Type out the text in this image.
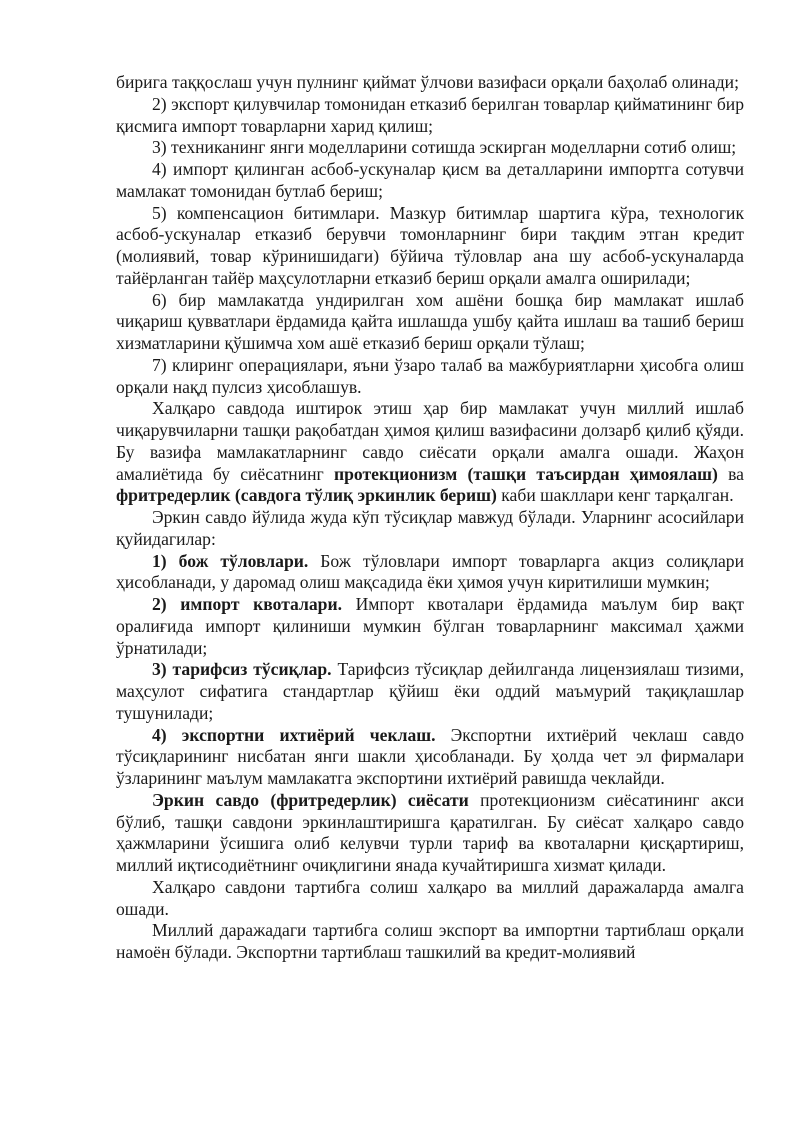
бирига таққослаш учун пулнинг қиймат ўлчови вазифаси орқали баҳолаб олинади;

2) экспорт қилувчилар томонидан етказиб берилган товарлар қийматининг бир қисмига импорт товарларни харид қилиш;

3) техниканинг янги моделларини сотишда эскирган моделларни сотиб олиш;

4) импорт қилинган асбоб-ускуналар қисм ва деталларини импортга сотувчи мамлакат томонидан бутлаб бериш;

5) компенсацион битимлари. Мазкур битимлар шартига кўра, технологик асбоб-ускуналар етказиб берувчи томонларнинг бири тақдим этган кредит (молиявий, товар кўринишидаги) бўйича тўловлар ана шу асбоб-ускуналарда тайёрланган тайёр маҳсулотларни етказиб бериш орқали амалга оширилади;

6) бир мамлакатда ундирилган хом ашёни бошқа бир мамлакат ишлаб чиқариш қувватлари ёрдамида қайта ишлашда ушбу қайта ишлаш ва ташиб бериш хизматларини қўшимча хом ашё етказиб бериш орқали тўлаш;

7) клиринг операциялари, яъни ўзаро талаб ва мажбуриятларни ҳисобга олиш орқали нақд пулсиз ҳисоблашув.

Халқаро савдода иштирок этиш ҳар бир мамлакат учун миллий ишлаб чиқарувчиларни ташқи рақобатдан ҳимоя қилиш вазифасини долзарб қилиб қўяди. Бу вазифа мамлакатларнинг савдо сиёсати орқали амалга ошади. Жаҳон амалиётида бу сиёсатнинг протекционизм (ташқи таъсирдан ҳимоялаш) ва фритредерлик (савдога тўлиқ эркинлик бериш) каби шакллари кенг тарқалган.

Эркин савдо йўлида жуда кўп тўсиқлар мавжуд бўлади. Уларнинг асосийлари қуйидагилар:

1) бож тўловлари. Бож тўловлари импорт товарларга акциз солиқлари ҳисобланади, у даромад олиш мақсадида ёки ҳимоя учун киритилиши мумкин;

2) импорт квоталари. Импорт квоталари ёрдамида маълум бир вақт оралиғида импорт қилиниши мумкин бўлган товарларнинг максимал ҳажми ўрнатилади;

3) тарифсиз тўсиқлар. Тарифсиз тўсиқлар дейилганда лицензиялаш тизими, маҳсулот сифатига стандартлар қўйиш ёки оддий маъмурий тақиқлашлар тушунилади;

4) экспортни ихтиёрий чеклаш. Экспортни ихтиёрий чеклаш савдо тўсиқларининг нисбатан янги шакли ҳисобланади. Бу ҳолда чет эл фирмалари ўзларининг маълум мамлакатга экспортини ихтиёрий равишда чеклайди.

Эркин савдо (фритредерлик) сиёсати протекционизм сиёсатининг акси бўлиб, ташқи савдони эркинлаштиришга қаратилган. Бу сиёсат халқаро савдо ҳажмларини ўсишига олиб келувчи турли тариф ва квоталарни қисқартириш, миллий иқтисодиётнинг очиқлигини янада кучайтиришга хизмат қилади.

Халқаро савдони тартибга солиш халқаро ва миллий даражаларда амалга ошади.

Миллий даражадаги тартибга солиш экспорт ва импортни тартиблаш орқали намоён бўлади. Экспортни тартиблаш ташкилий ва кредит-молиявий
